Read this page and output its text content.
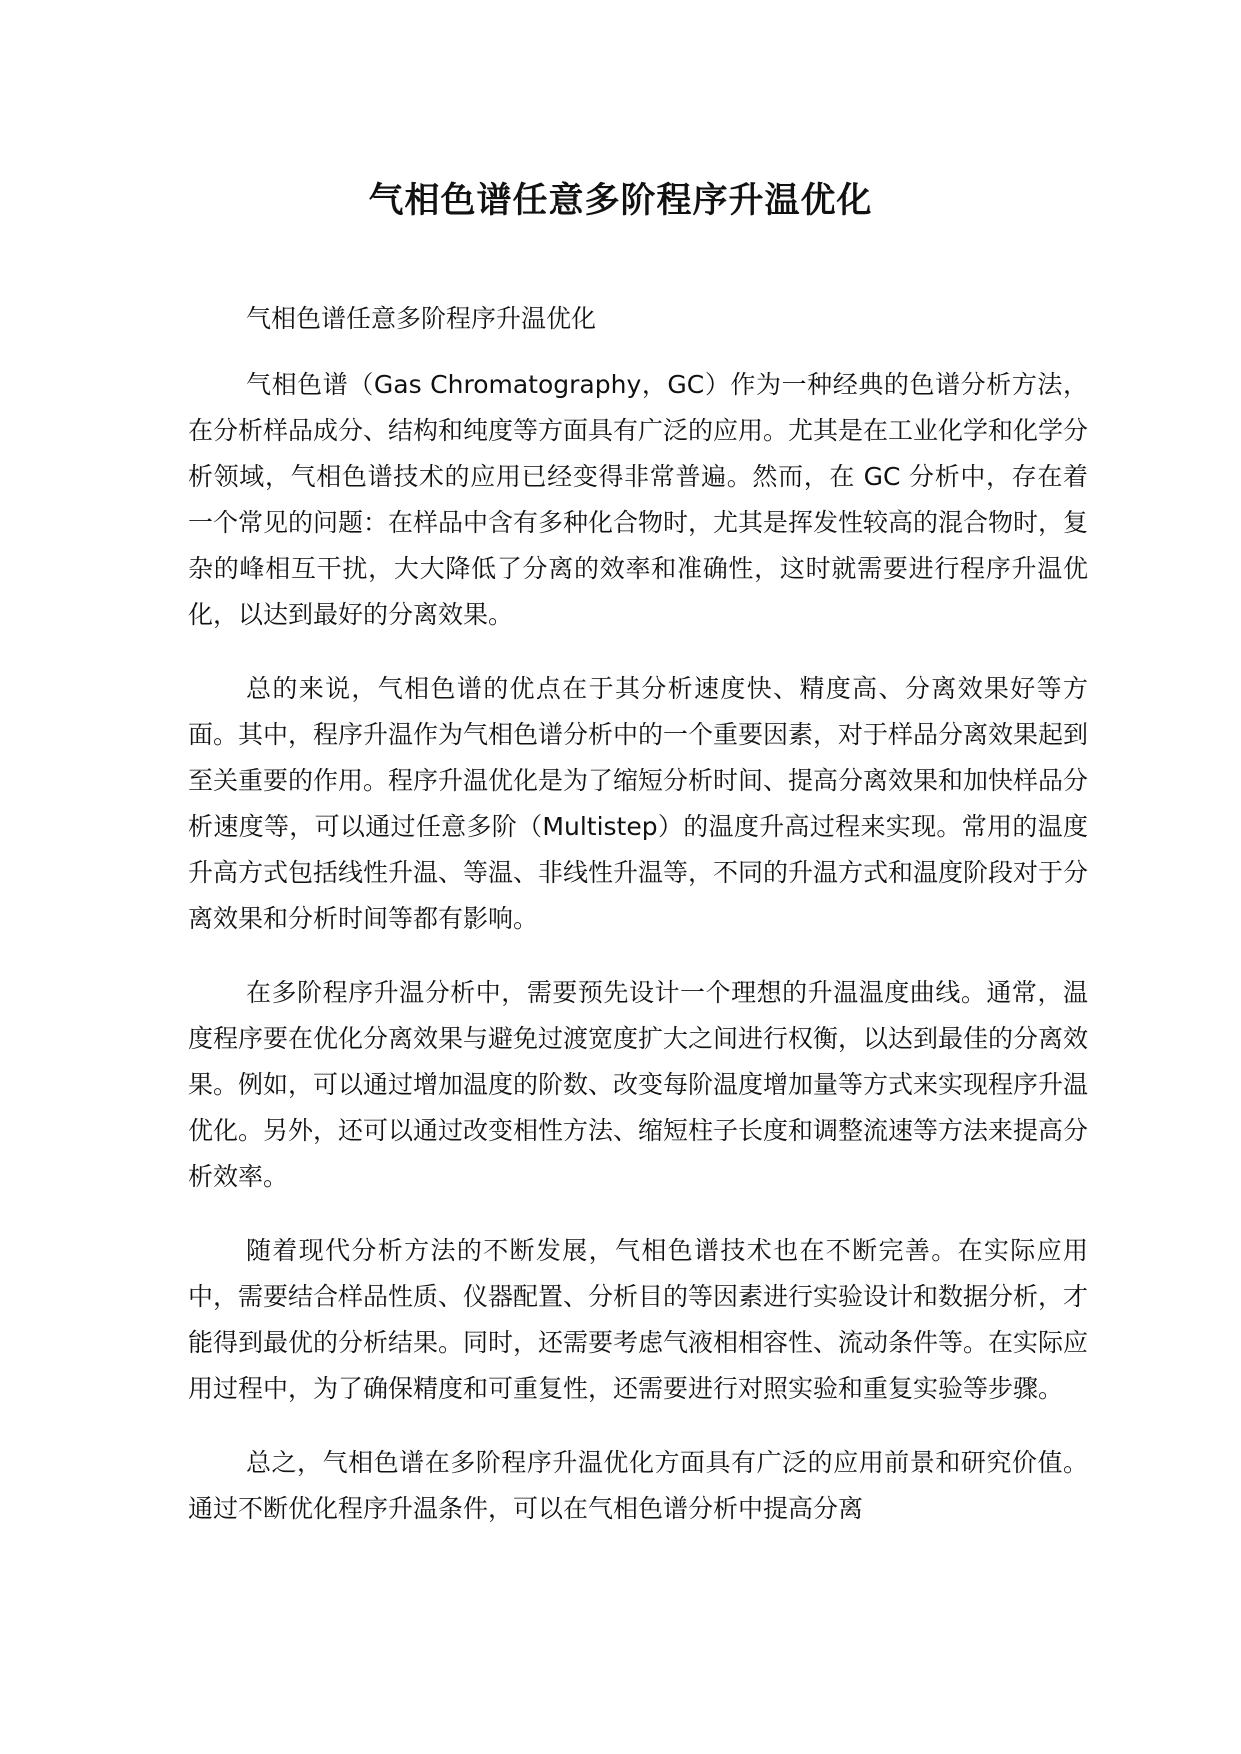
气相色谱任意多阶程序升温优化

气相色谱任意多阶程序升温优化

气相色谱（Gas Chromatography，GC）作为一种经典的色谱分析方法，在分析样品成分、结构和纯度等方面具有广泛的应用。尤其是在工业化学和化学分析领域，气相色谱技术的应用已经变得非常普遍。然而，在 GC 分析中，存在着一个常见的问题：在样品中含有多种化合物时，尤其是挥发性较高的混合物时，复杂的峰相互干扰，大大降低了分离的效率和准确性，这时就需要进行程序升温优化，以达到最好的分离效果。

总的来说，气相色谱的优点在于其分析速度快、精度高、分离效果好等方面。其中，程序升温作为气相色谱分析中的一个重要因素，对于样品分离效果起到至关重要的作用。程序升温优化是为了缩短分析时间、提高分离效果和加快样品分析速度等，可以通过任意多阶（Multistep）的温度升高过程来实现。常用的温度升高方式包括线性升温、等温、非线性升温等，不同的升温方式和温度阶段对于分离效果和分析时间等都有影响。

在多阶程序升温分析中，需要预先设计一个理想的升温温度曲线。通常，温度程序要在优化分离效果与避免过渡宽度扩大之间进行权衡，以达到最佳的分离效果。例如，可以通过增加温度的阶数、改变每阶温度增加量等方式来实现程序升温优化。另外，还可以通过改变相性方法、缩短柱子长度和调整流速等方法来提高分析效率。

随着现代分析方法的不断发展，气相色谱技术也在不断完善。在实际应用中，需要结合样品性质、仪器配置、分析目的等因素进行实验设计和数据分析，才能得到最优的分析结果。同时，还需要考虑气液相相容性、流动条件等。在实际应用过程中，为了确保精度和可重复性，还需要进行对照实验和重复实验等步骤。

总之，气相色谱在多阶程序升温优化方面具有广泛的应用前景和研究价值。通过不断优化程序升温条件，可以在气相色谱分析中提高分离
